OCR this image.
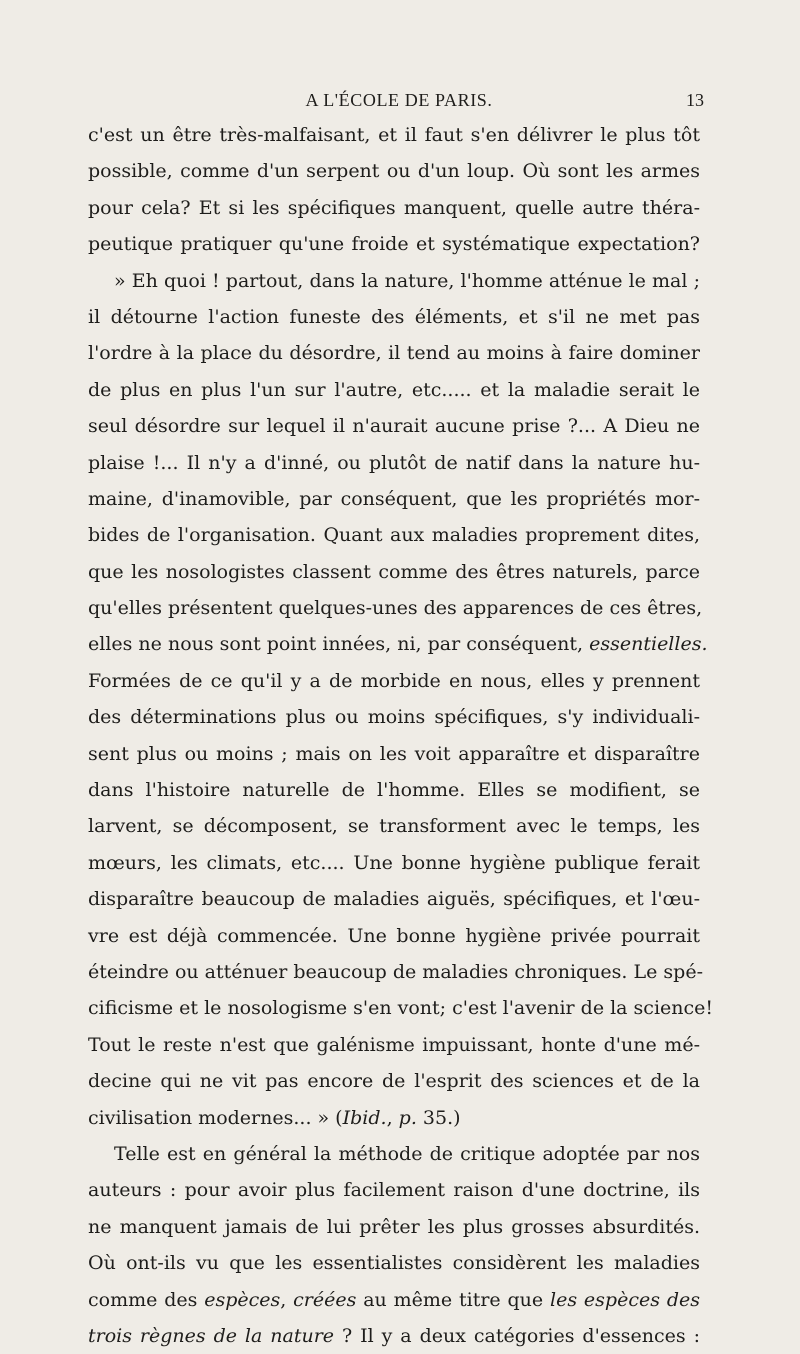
A L'ÉCOLE DE PARIS.	13
c'est un être très-malfaisant, et il faut s'en délivrer le plus tôt
possible, comme d'un serpent ou d'un loup. Où sont les armes
pour cela? Et si les spécifiques manquent, quelle autre théra-
peutique pratiquer qu'une froide et systématique expectation?
» Eh quoi ! partout, dans la nature, l'homme atténue le mal ;
il détourne l'action funeste des éléments, et s'il ne met pas
l'ordre à la place du désordre, il tend au moins à faire dominer
de plus en plus l'un sur l'autre, etc..... et la maladie serait le
seul désordre sur lequel il n'aurait aucune prise ?... A Dieu ne
plaise !... Il n'y a d'inné, ou plutôt de natif dans la nature hu-
maine, d'inamovible, par conséquent, que les propriétés mor-
bides de l'organisation. Quant aux maladies proprement dites,
que les nosologistes classent comme des êtres naturels, parce
qu'elles présentent quelques-unes des apparences de ces êtres,
elles ne nous sont point innées, ni, par conséquent, essentielles.
Formées de ce qu'il y a de morbide en nous, elles y prennent
des déterminations plus ou moins spécifiques, s'y individuali-
sent plus ou moins ; mais on les voit apparaître et disparaître
dans l'histoire naturelle de l'homme. Elles se modifient, se
larvent, se décomposent, se transforment avec le temps, les
mœurs, les climats, etc.... Une bonne hygiène publique ferait
disparaître beaucoup de maladies aiguës, spécifiques, et l'œu-
vre est déjà commencée. Une bonne hygiène privée pourrait
éteindre ou atténuer beaucoup de maladies chroniques. Le spé-
cificisme et le nosologisme s'en vont; c'est l'avenir de la science!
Tout le reste n'est que galénisme impuissant, honte d'une mé-
decine qui ne vit pas encore de l'esprit des sciences et de la
civilisation modernes... » (Ibid., p. 35.)
Telle est en général la méthode de critique adoptée par nos
auteurs : pour avoir plus facilement raison d'une doctrine, ils
ne manquent jamais de lui prêter les plus grosses absurdités.
Où ont-ils vu que les essentialistes considèrent les maladies
comme des espèces, créées au même titre que les espèces des
trois règnes de la nature ? Il y a deux catégories d'essences :
